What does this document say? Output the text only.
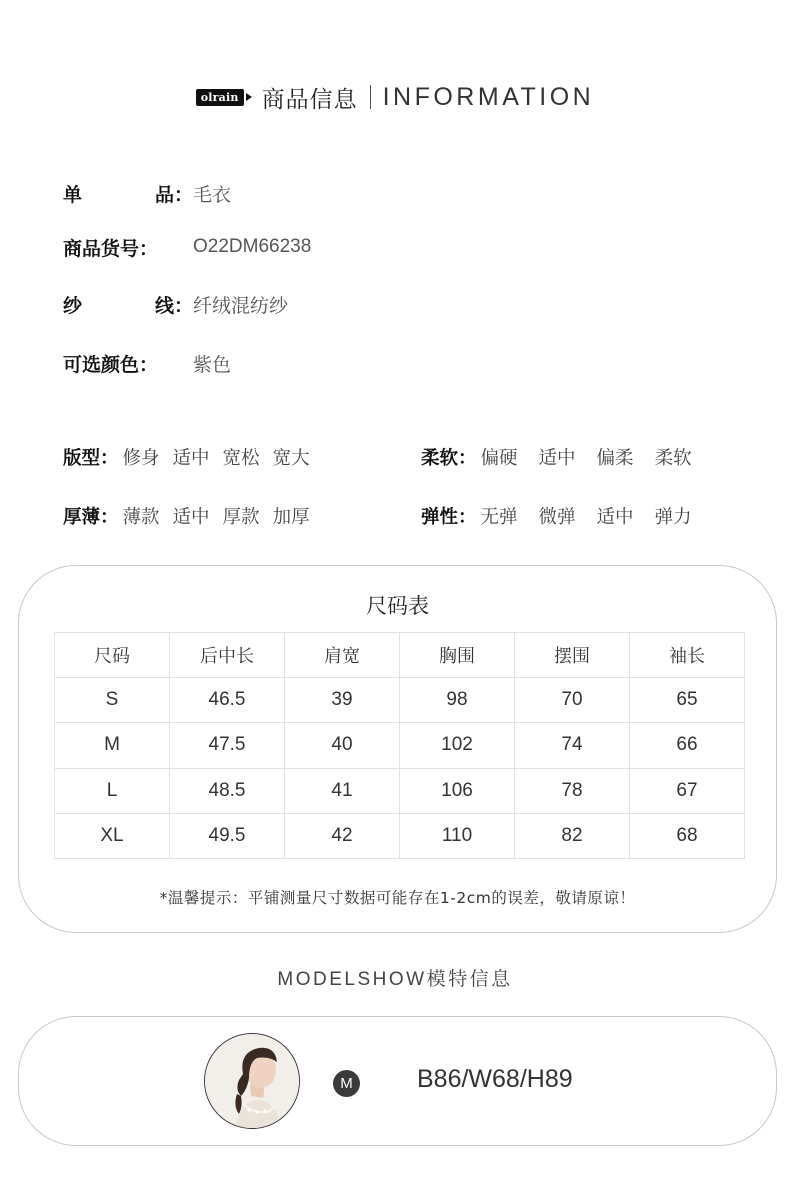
olrain 商品信息 INFORMATION
单	品： 毛衣
商品货号： O22DM66238
纱	线： 纤绒混纺纱
可选颜色： 紫色
版型： 修身 适中 宽松 宽大	柔软： 偏硬 适中 偏柔 柔软
厚薄： 薄款 适中 厚款 加厚	弹性： 无弹 微弹 适中 弹力
尺码表
尺码	后中长	肩宽	胸围	摆围	袖长
S	46.5	39	98	70	65
M	47.5	40	102	74	66
L	48.5	41	106	78	67
XL	49.5	42	110	82	68
*温馨提示：平铺测量尺寸数据可能存在1-2cm的误差，敬请原谅！
MODELSHOW模特信息
M	B86/W68/H89
